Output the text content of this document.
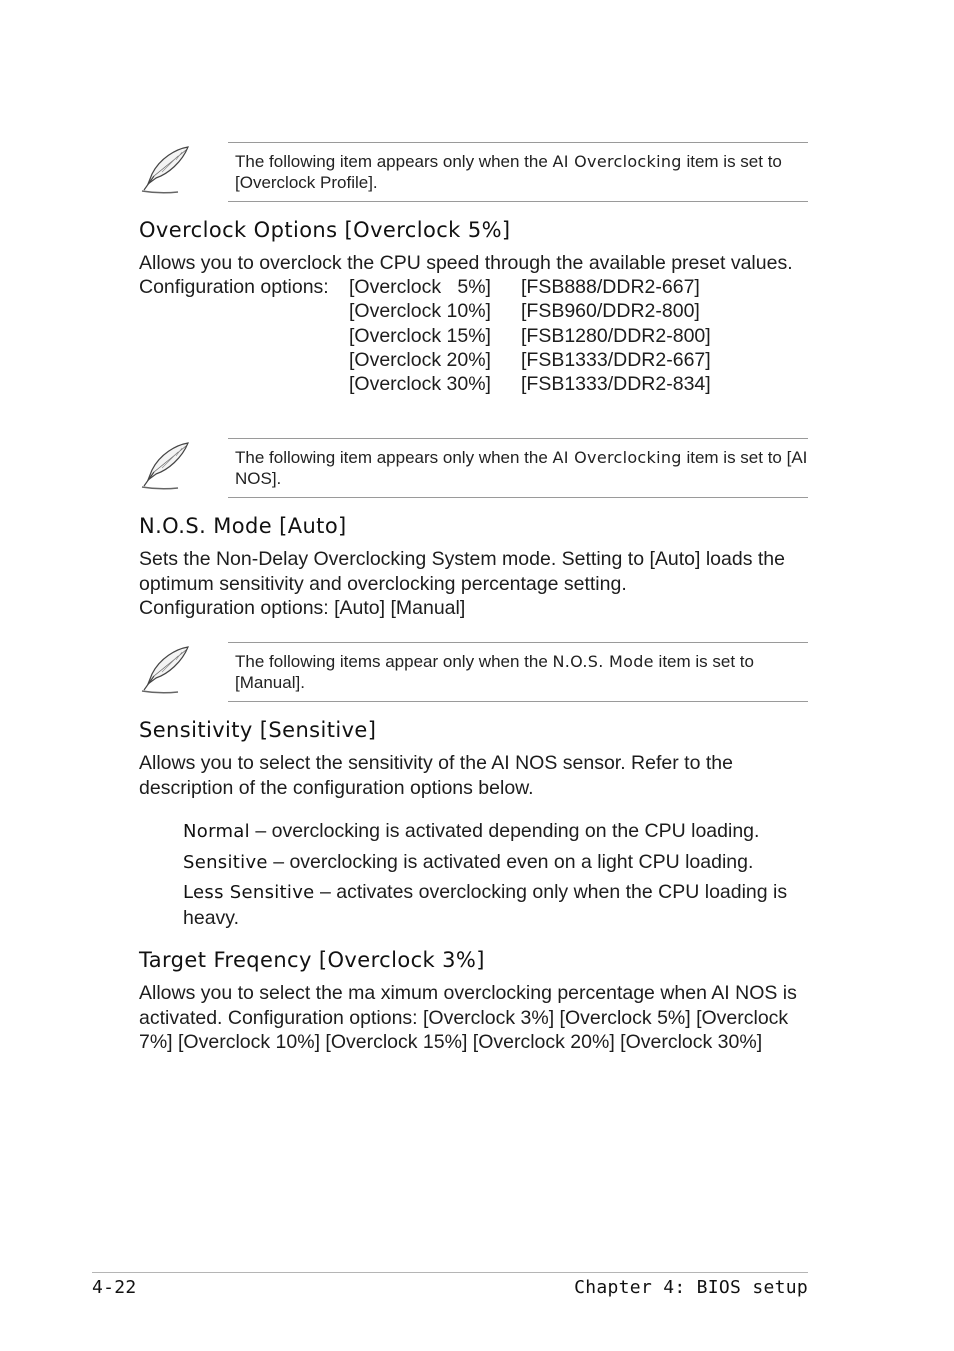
The following item appears only when the AI Overclocking item is set to [Overclock Profile].
Overclock Options [Overclock 5%]
Allows you to overclock the CPU speed through the available preset values.
Configuration options: [Overclock   5%] [FSB888/DDR2-667]
[Overclock 10%] [FSB960/DDR2-800]
[Overclock 15%] [FSB1280/DDR2-800]
[Overclock 20%] [FSB1333/DDR2-667]
[Overclock 30%] [FSB1333/DDR2-834]
The following item appears only when the AI Overclocking item is set to [AI NOS].
N.O.S. Mode [Auto]
Sets the Non-Delay Overclocking System mode. Setting to [Auto] loads the optimum sensitivity and overclocking percentage setting.
Configuration options: [Auto] [Manual]
The following items appear only when the N.O.S. Mode item is set to [Manual].
Sensitivity [Sensitive]
Allows you to select the sensitivity of the AI NOS sensor. Refer to the description of the configuration options below.
Normal – overclocking is activated depending on the CPU loading.
Sensitive – overclocking is activated even on a light CPU loading.
Less Sensitive – activates overclocking only when the CPU loading is heavy.
Target Freqency [Overclock 3%]
Allows you to select the ma ximum overclocking percentage when AI NOS is activated. Configuration options: [Overclock 3%] [Overclock 5%] [Overclock 7%] [Overclock 10%] [Overclock 15%] [Overclock 20%] [Overclock 30%]
4-22	Chapter 4: BIOS setup
